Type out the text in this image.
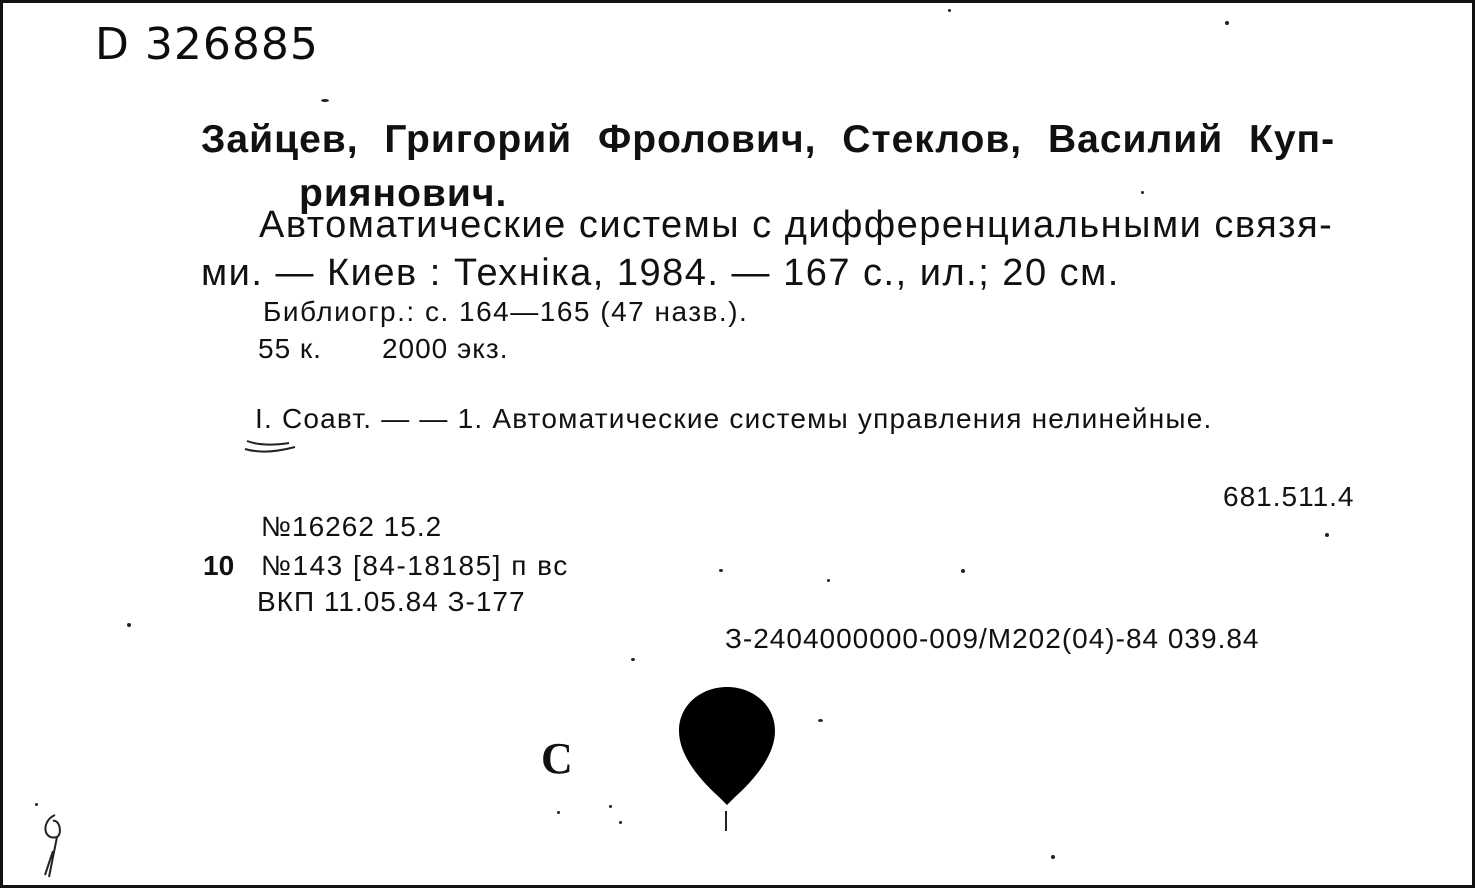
D 326885
Зайцев, Григорий Фролович, Стеклов, Василий Куп-
риянович.
Автоматические системы с дифференциальными связя-
ми. — Киев : Техніка, 1984. — 167 с., ил.; 20 см.
Библиогр.: с. 164—165 (47 назв.).
55 к. 2000 экз.
I. Соавт. — — 1. Автоматические системы управления нелинейные.
681.511.4
№16262 15.2
10 №143 [84-18185] п вс
ВКП 11.05.84 З-177
З-2404000000-009/М202(04)-84 039.84
С
